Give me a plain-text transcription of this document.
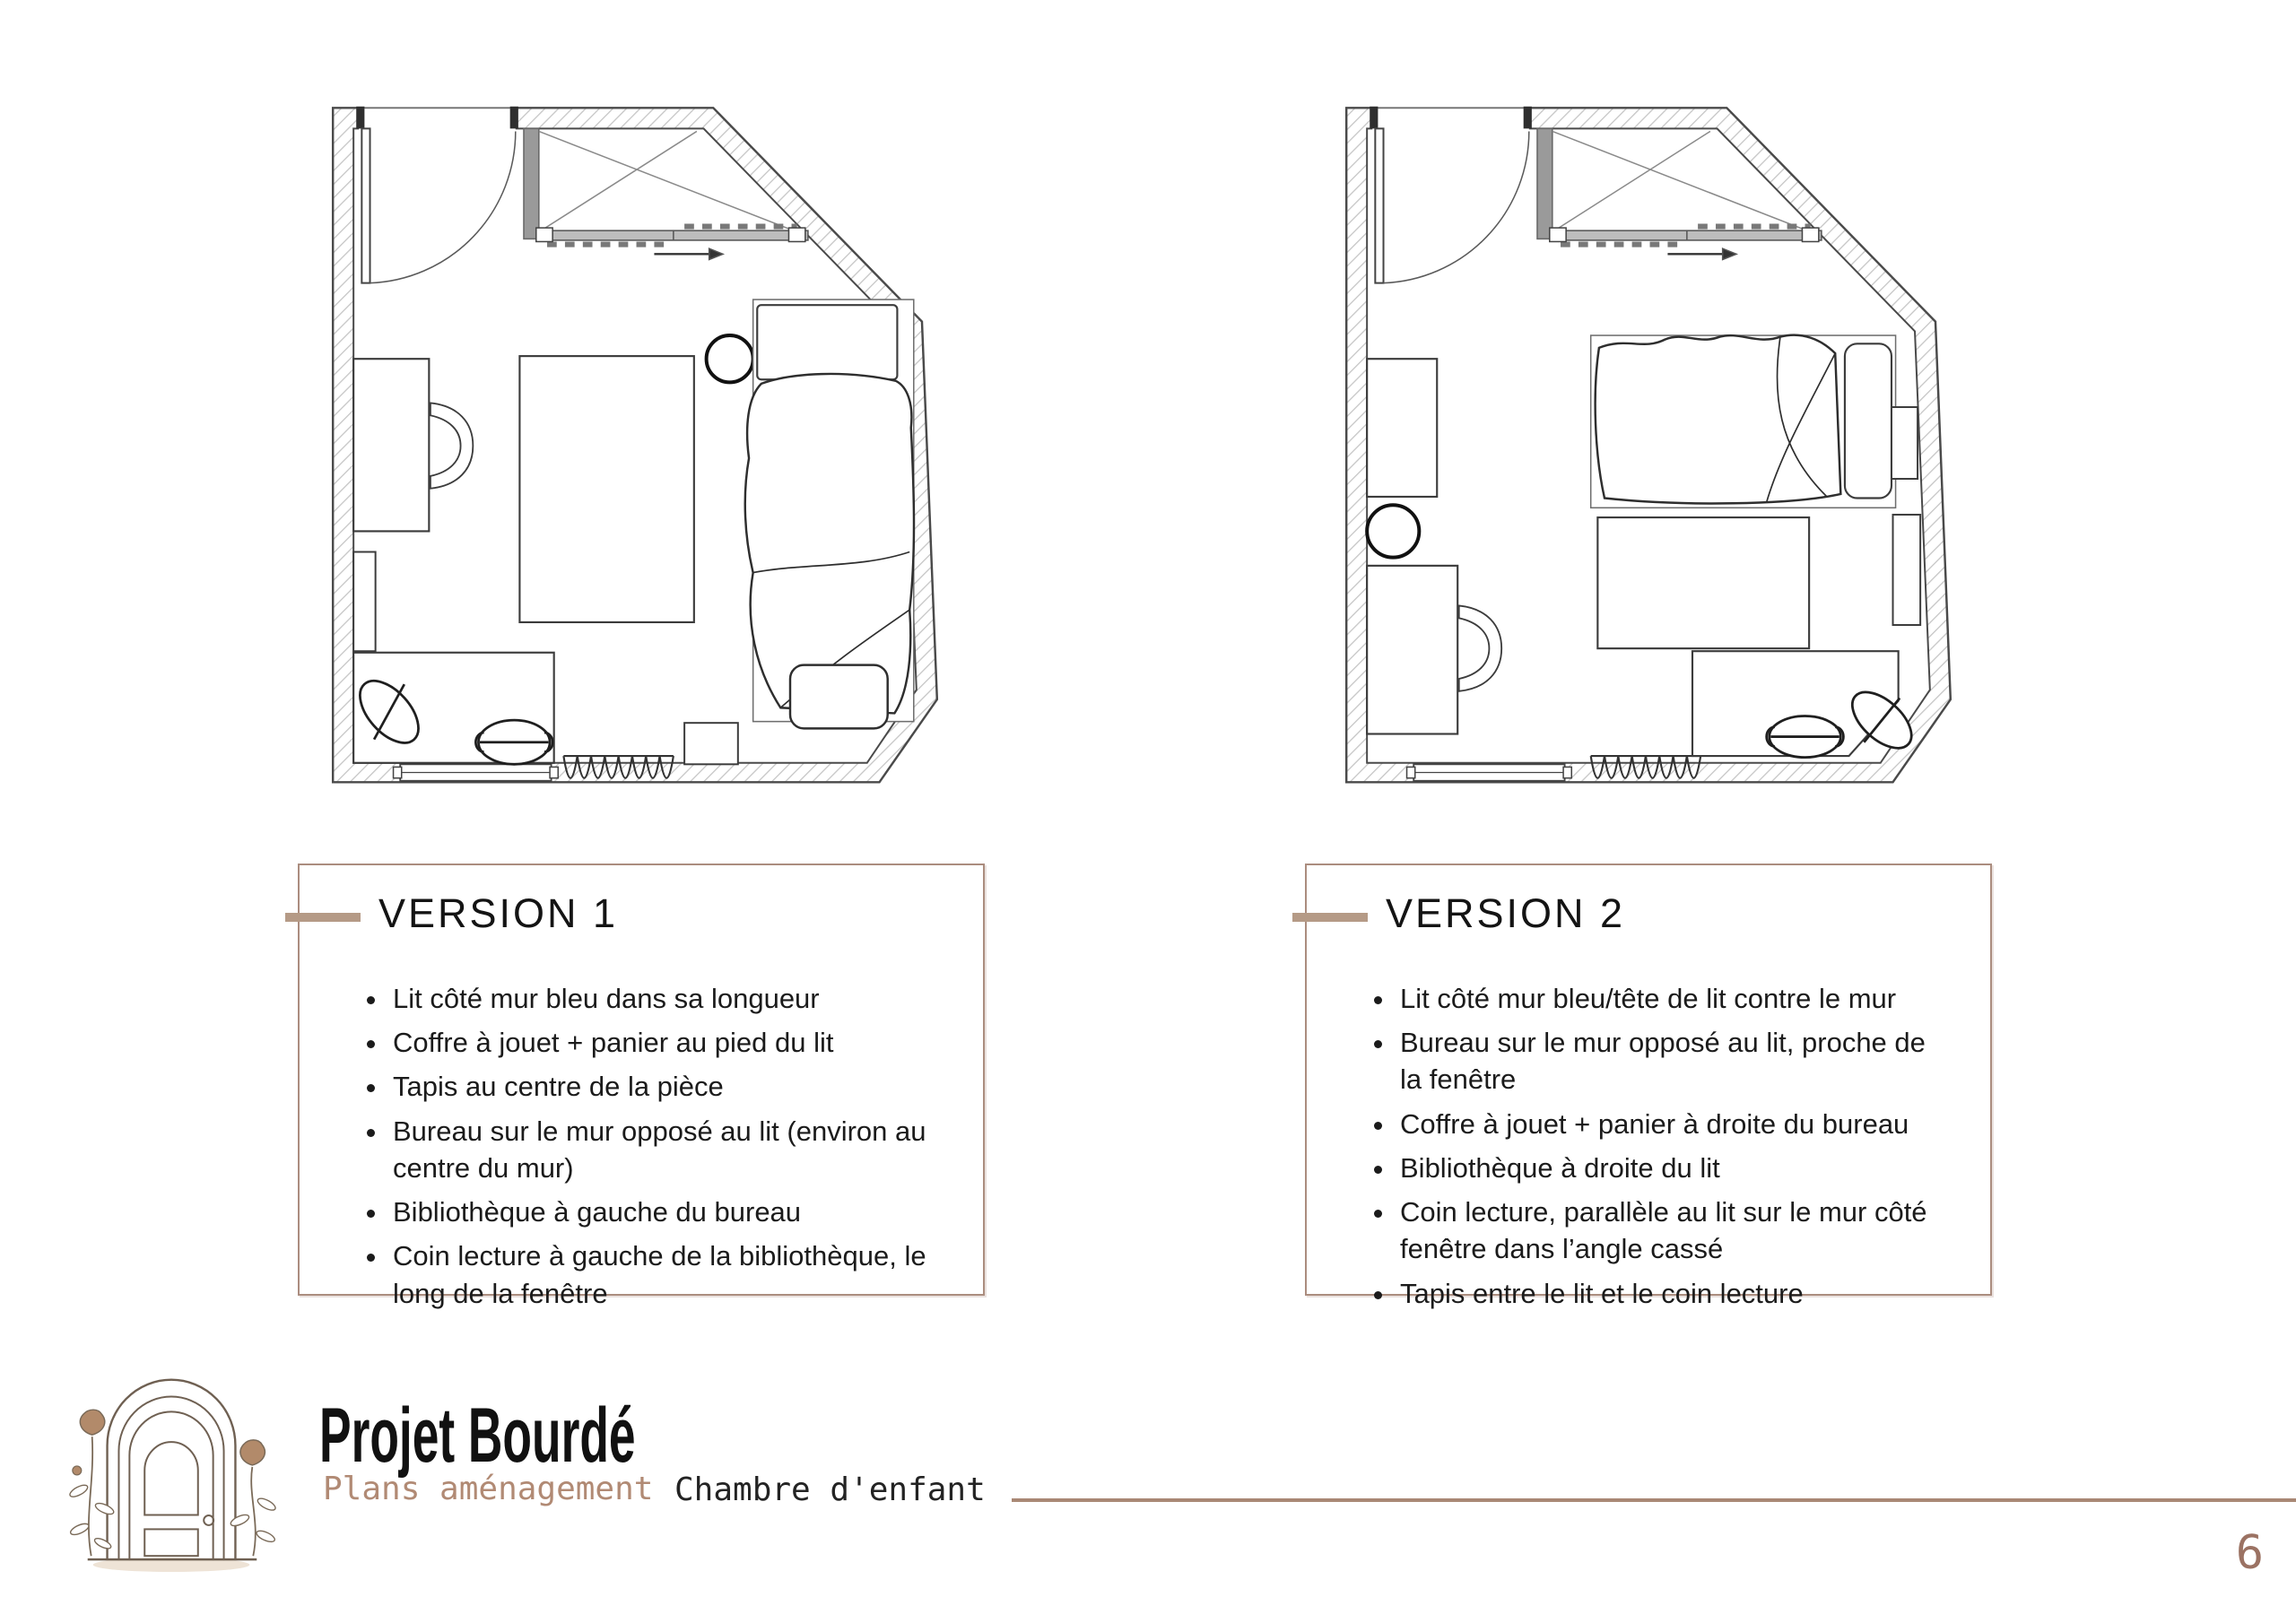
VERSION 1
• Lit côté mur bleu dans sa longueur
• Coffre à jouet + panier au pied du lit
• Tapis au centre de la pièce
• Bureau sur le mur opposé au lit (environ au centre du mur)
• Bibliothèque à gauche du bureau
• Coin lecture à gauche de la bibliothèque, le long de la fenêtre
VERSION 2
• Lit côté mur bleu/tête de lit contre le mur
• Bureau sur le mur opposé au lit, proche de la fenêtre
• Coffre à jouet + panier à droite du bureau
• Bibliothèque à droite du lit
• Coin lecture, parallèle au lit sur le mur côté fenêtre dans l’angle cassé
• Tapis entre le lit et le coin lecture
Projet Bourdé
Plans aménagement Chambre d'enfant
6
